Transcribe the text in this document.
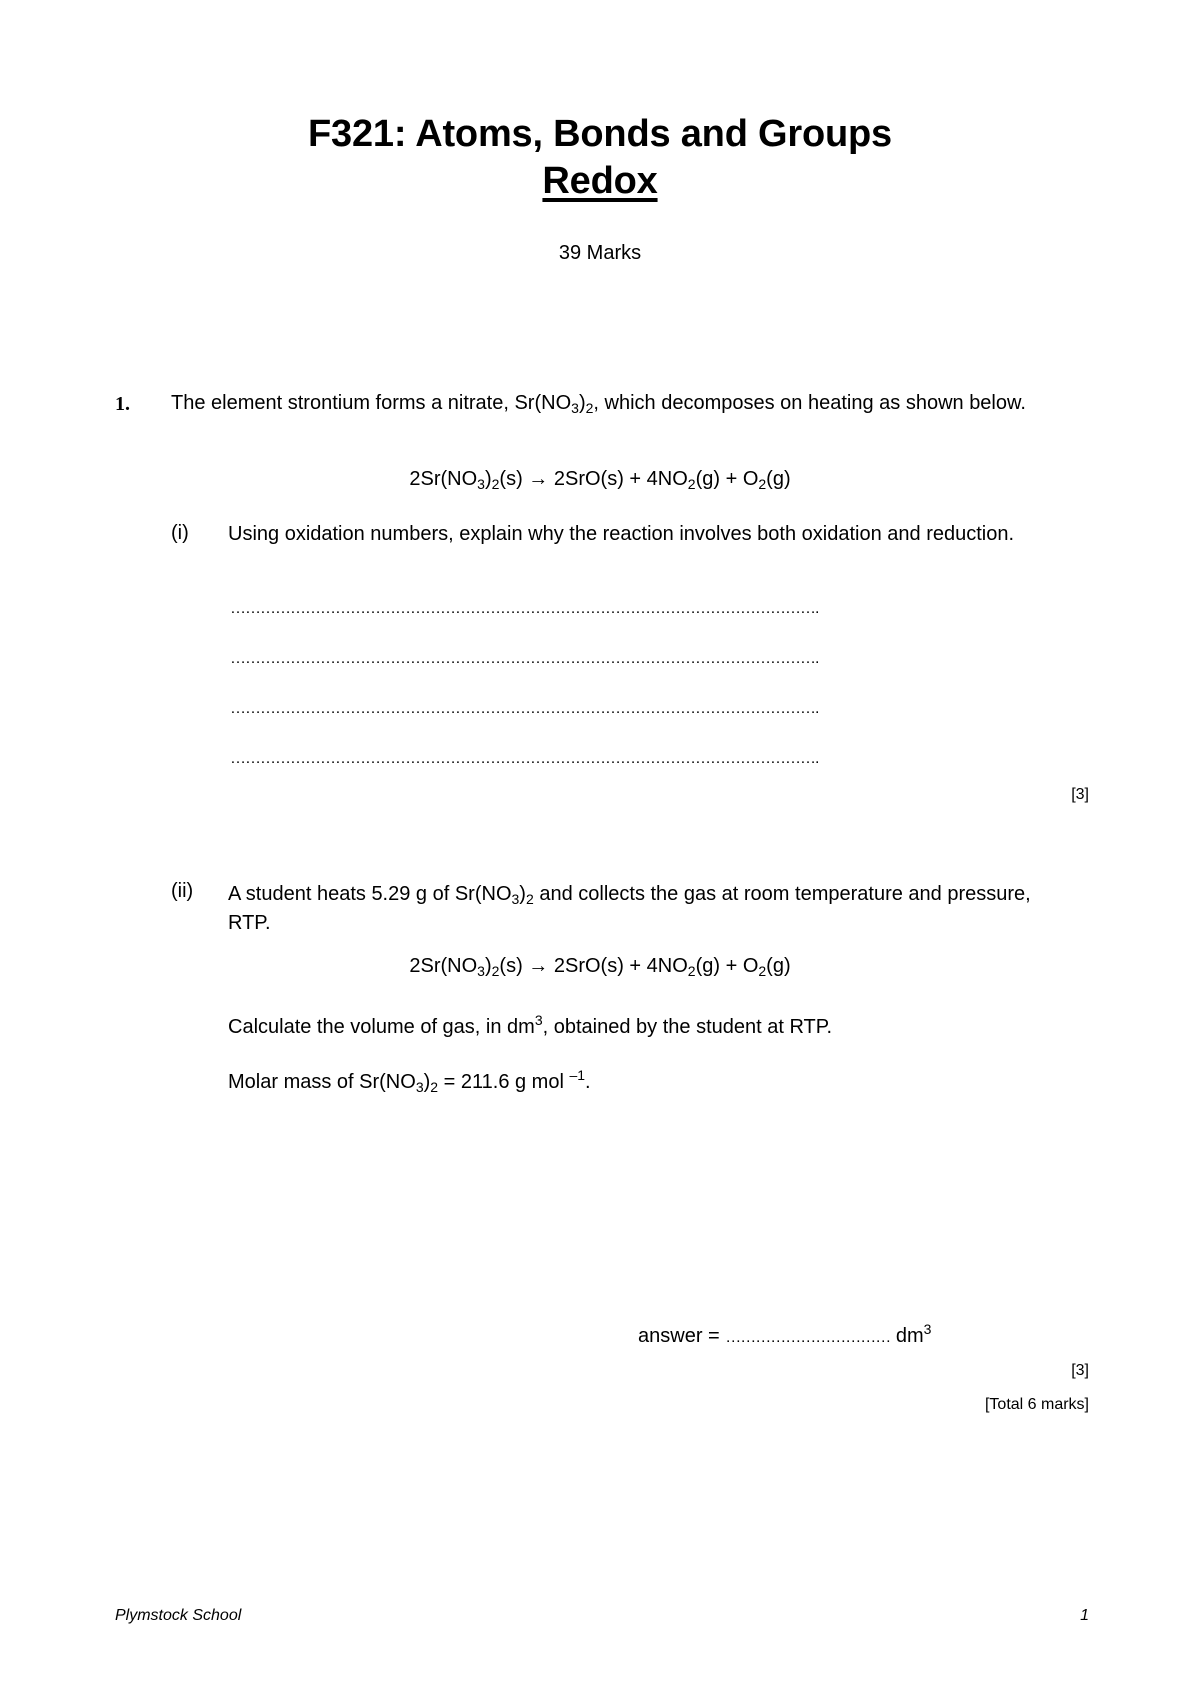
F321: Atoms, Bonds and Groups
Redox
39 Marks
1. The element strontium forms a nitrate, $Sr(NO_3)_2$, which decomposes on heating as shown below.
$2Sr(NO_3)_2(s) \to 2SrO(s) + 4NO_2(g) + O_2(g)$
(i) Using oxidation numbers, explain why the reaction involves both oxidation and reduction.
……………………………………………………………………………………………………….
……………………………………………………………………………………………………….
……………………………………………………………………………………………………….
……………………………………………………………………………………………………….
[3]
(ii) A student heats 5.29 g of $Sr(NO_3)_2$ and collects the gas at room temperature and pressure, RTP.
$2Sr(NO_3)_2(s) \to 2SrO(s) + 4NO_2(g) + O_2(g)$
Calculate the volume of gas, in $dm^3$, obtained by the student at RTP.
Molar mass of $Sr(NO_3)_2 = 211.6$ g mol $^{-1}$.
answer = …………………………… $dm^3$
[3]
[Total 6 marks]
Plymstock School	1
